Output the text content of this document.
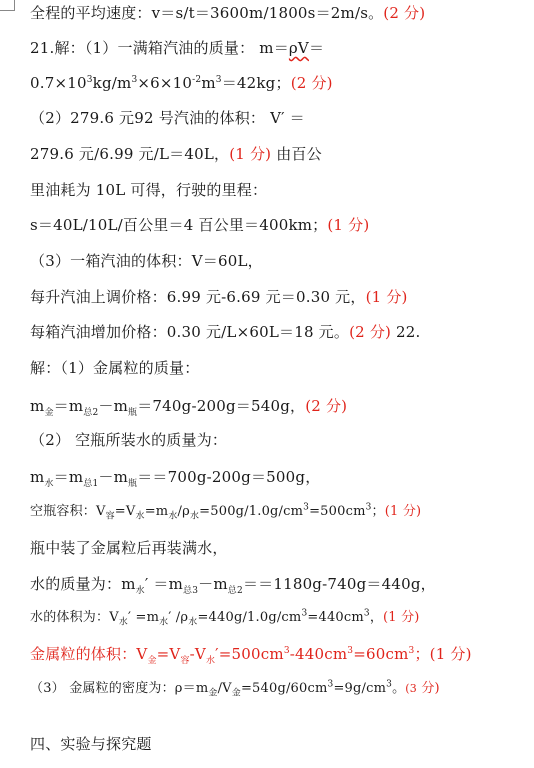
全程的平均速度：v＝s/t＝3600m/1800s＝2m/s。(2 分)
21.解：（1）一满箱汽油的质量： m＝ρV＝
$0.7\times 10^3kg/m^3\times 6\times 10^{-2}m^3=42kg$；(2 分)
（2）279.6 元92 号汽油的体积： V′ ＝
279.6 元/6.99 元/L＝40L，(1 分) 由百公
里油耗为 10L 可得，行驶的里程：
s＝40L/10L/百公里＝4 百公里＝400km；(1 分)
（3）一箱汽油的体积：V＝60L，
每升汽油上调价格：6.99 元-6.69 元＝0.30 元，(1 分)
每箱汽油增加价格：0.30 元/L×60L＝18 元。(2 分) 22.
解：（1）金属粒的质量：
$m_金=m_{总2}-m_瓶=740g-200g=540g$，(2 分)
（2） 空瓶所装水的质量为：
$m_水=m_{总1}-m_瓶==700g-200g=500g$，
空瓶容积：$V_容=V_水=m_水/\rho_水=500g/1.0g/cm^3=500cm^3$；(1 分)
瓶中装了金属粒后再装满水，
水的质量为：$m_水' =m_{总3}-m_{总2}==1180g-740g=440g$，
水的体积为：$V_水' =m_水'$ $/\rho_水=440g/1.0g/cm^3=440cm^3$，(1 分)
金属粒的体积：$V_金=V_容-V_水'=500cm^3-440cm^3=60cm^3$；(1 分)
（3） 金属粒的密度为：$\rho=m_金/V_金=540g/60cm^3=9g/cm^3$。(3 分)
四、实验与探究题
